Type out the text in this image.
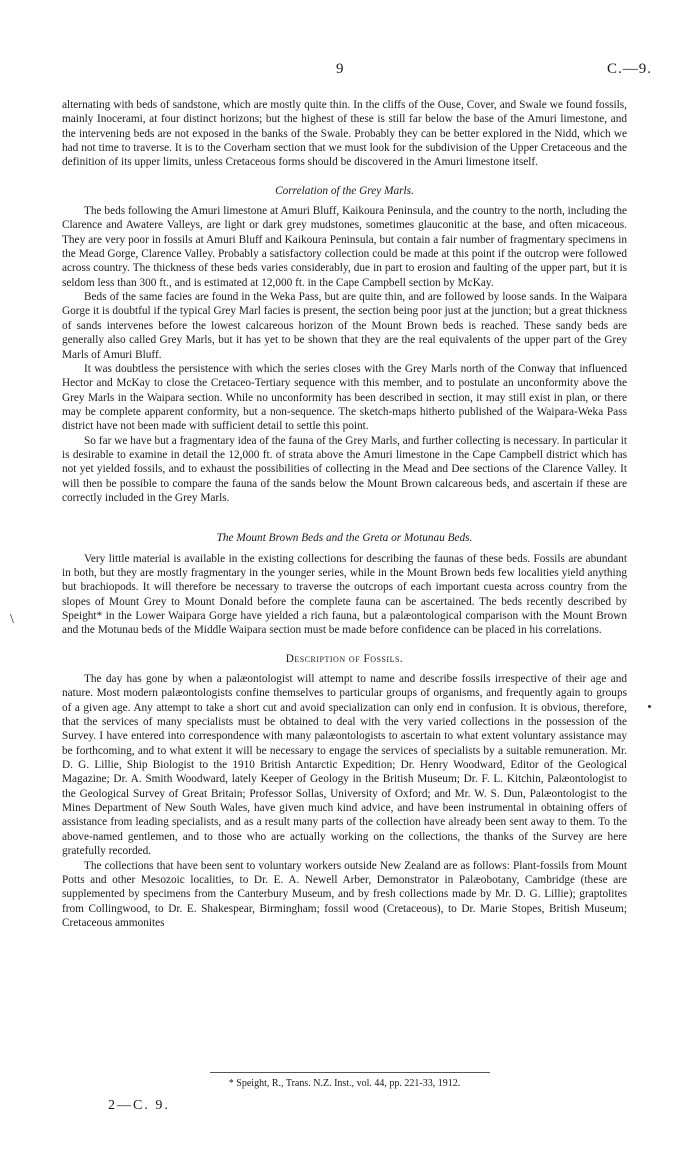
9	C.—9.
\

alternating with beds of sandstone, which are mostly quite thin. In the cliffs of the Ouse, Cover, and Swale we found fossils, mainly Inocerami, at four distinct horizons; but the highest of these is still far below the base of the Amuri limestone, and the intervening beds are not exposed in the banks of the Swale. Probably they can be better explored in the Nidd, which we had not time to traverse. It is to the Coverham section that we must look for the subdivision of the Upper Cretaceous and the definition of its upper limits, unless Cretaceous forms should be discovered in the Amuri limestone itself.

Correlation of the Grey Marls.

The beds following the Amuri limestone at Amuri Bluff, Kaikoura Peninsula, and the country to the north, including the Clarence and Awatere Valleys, are light or dark grey mudstones, sometimes glauconitic at the base, and often micaceous. They are very poor in fossils at Amuri Bluff and Kaikoura Peninsula, but contain a fair number of fragmentary specimens in the Mead Gorge, Clarence Valley. Probably a satisfactory collection could be made at this point if the outcrop were followed across country. The thickness of these beds varies considerably, due in part to erosion and faulting of the upper part, but it is seldom less than 300 ft., and is estimated at 12,000 ft. in the Cape Campbell section by McKay.

Beds of the same facies are found in the Weka Pass, but are quite thin, and are followed by loose sands. In the Waipara Gorge it is doubtful if the typical Grey Marl facies is present, the section being poor just at the junction; but a great thickness of sands intervenes before the lowest calcareous horizon of the Mount Brown beds is reached. These sandy beds are generally also called Grey Marls, but it has yet to be shown that they are the real equivalents of the upper part of the Grey Marls of Amuri Bluff.

It was doubtless the persistence with which the series closes with the Grey Marls north of the Conway that influenced Hector and McKay to close the Cretaceo-Tertiary sequence with this member, and to postulate an unconformity above the Grey Marls in the Waipara section. While no unconformity has been described in section, it may still exist in plan, or there may be complete apparent conformity, but a non-sequence. The sketch-maps hitherto published of the Waipara-Weka Pass district have not been made with sufficient detail to settle this point.

So far we have but a fragmentary idea of the fauna of the Grey Marls, and further collecting is necessary. In particular it is desirable to examine in detail the 12,000 ft. of strata above the Amuri limestone in the Cape Campbell district which has not yet yielded fossils, and to exhaust the possibilities of collecting in the Mead and Dee sections of the Clarence Valley. It will then be possible to compare the fauna of the sands below the Mount Brown calcareous beds, and ascertain if these are correctly included in the Grey Marls.

The Mount Brown Beds and the Greta or Motunau Beds.

Very little material is available in the existing collections for describing the faunas of these beds. Fossils are abundant in both, but they are mostly fragmentary in the younger series, while in the Mount Brown beds few localities yield anything but brachiopods. It will therefore be necessary to traverse the outcrops of each important cuesta across country from the slopes of Mount Grey to Mount Donald before the complete fauna can be ascertained. The beds recently described by Speight* in the Lower Waipara Gorge have yielded a rich fauna, but a palæontological comparison with the Mount Brown and the Motunau beds of the Middle Waipara section must be made before confidence can be placed in his correlations.

Description of Fossils.

The day has gone by when a palæontologist will attempt to name and describe fossils irrespective of their age and nature. Most modern palæontologists confine themselves to particular groups of organisms, and frequently again to groups of a given age. Any attempt to take a short cut and avoid specialization can only end in confusion. It is obvious, therefore, that the services of many specialists must be obtained to deal with the very varied collections in the possession of the Survey. I have entered into correspondence with many palæontologists to ascertain to what extent voluntary assistance may be forthcoming, and to what extent it will be necessary to engage the services of specialists by a suitable remuneration. Mr. D. G. Lillie, Ship Biologist to the 1910 British Antarctic Expedition; Dr. Henry Woodward, Editor of the Geological Magazine; Dr. A. Smith Woodward, lately Keeper of Geology in the British Museum; Dr. F. L. Kitchin, Palæontologist to the Geological Survey of Great Britain; Professor Sollas, University of Oxford; and Mr. W. S. Dun, Palæontologist to the Mines Department of New South Wales, have given much kind advice, and have been instrumental in obtaining offers of assistance from leading specialists, and as a result many parts of the collection have already been sent away to them. To the above-named gentlemen, and to those who are actually working on the collections, the thanks of the Survey are here gratefully recorded.

The collections that have been sent to voluntary workers outside New Zealand are as follows: Plant-fossils from Mount Potts and other Mesozoic localities, to Dr. E. A. Newell Arber, Demonstrator in Palæobotany, Cambridge (these are supplemented by specimens from the Canterbury Museum, and by fresh collections made by Mr. D. G. Lillie); graptolites from Collingwood, to Dr. E. Shakespear, Birmingham; fossil wood (Cretaceous), to Dr. Marie Stopes, British Museum; Cretaceous ammonites

* Speight, R., Trans. N.Z. Inst., vol. 44, pp. 221-33, 1912.
2—C. 9.
